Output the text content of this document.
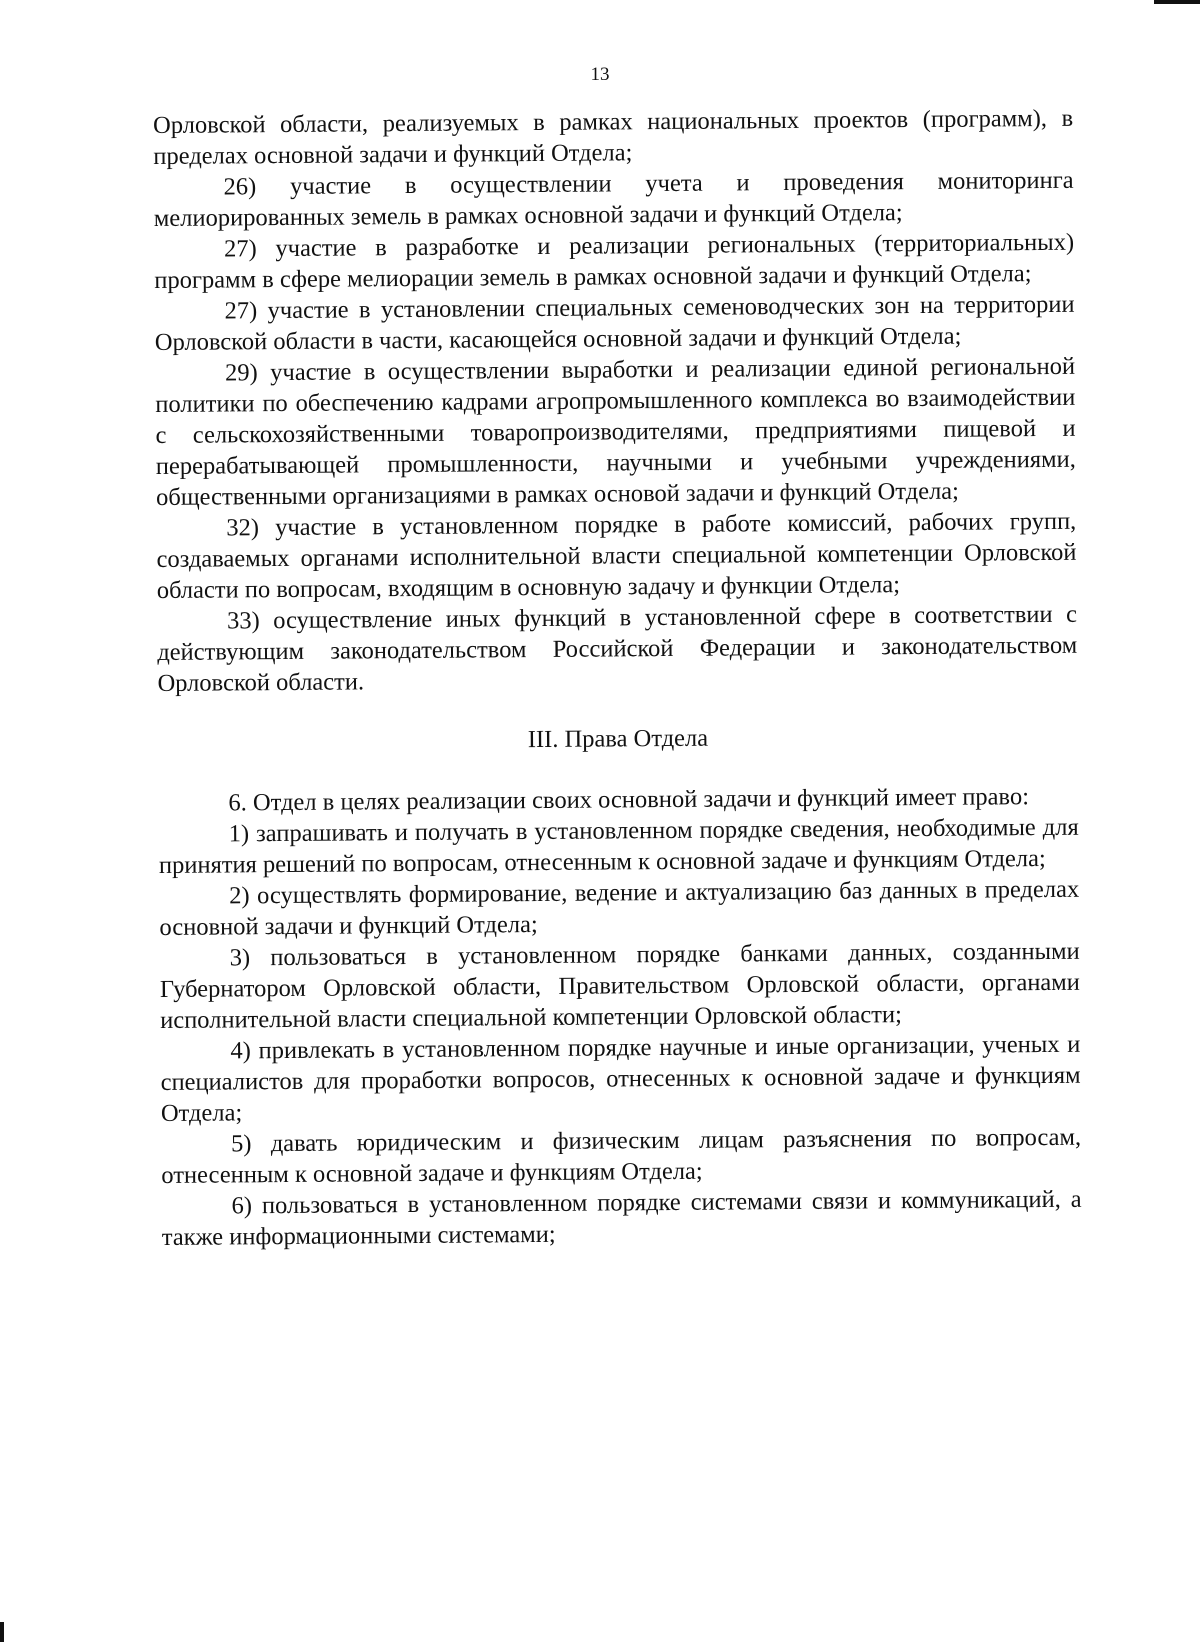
13

Орловской области, реализуемых в рамках национальных проектов (программ), в пределах основной задачи и функций Отдела;

26) участие в осуществлении учета и проведения мониторинга мелиорированных земель в рамках основной задачи и функций Отдела;

27) участие в разработке и реализации региональных (территориальных) программ в сфере мелиорации земель в рамках основной задачи и функций Отдела;

27) участие в установлении специальных семеноводческих зон на территории Орловской области в части, касающейся основной задачи и функций Отдела;

29) участие в осуществлении выработки и реализации единой региональной политики по обеспечению кадрами агропромышленного комплекса во взаимодействии с сельскохозяйственными товаропроизводителями, предприятиями пищевой и перерабатывающей промышленности, научными и учебными учреждениями, общественными организациями в рамках основой задачи и функций Отдела;

32) участие в установленном порядке в работе комиссий, рабочих групп, создаваемых органами исполнительной власти специальной компетенции Орловской области по вопросам, входящим в основную задачу и функции Отдела;

33) осуществление иных функций в установленной сфере в соответствии с действующим законодательством Российской Федерации и законодательством Орловской области.

III. Права Отдела

6. Отдел в целях реализации своих основной задачи и функций имеет право:

1) запрашивать и получать в установленном порядке сведения, необходимые для принятия решений по вопросам, отнесенным к основной задаче и функциям Отдела;

2) осуществлять формирование, ведение и актуализацию баз данных в пределах основной задачи и функций Отдела;

3) пользоваться в установленном порядке банками данных, созданными Губернатором Орловской области, Правительством Орловской области, органами исполнительной власти специальной компетенции Орловской области;

4) привлекать в установленном порядке научные и иные организации, ученых и специалистов для проработки вопросов, отнесенных к основной задаче и функциям Отдела;

5) давать юридическим и физическим лицам разъяснения по вопросам, отнесенным к основной задаче и функциям Отдела;

6) пользоваться в установленном порядке системами связи и коммуникаций, а также информационными системами;
